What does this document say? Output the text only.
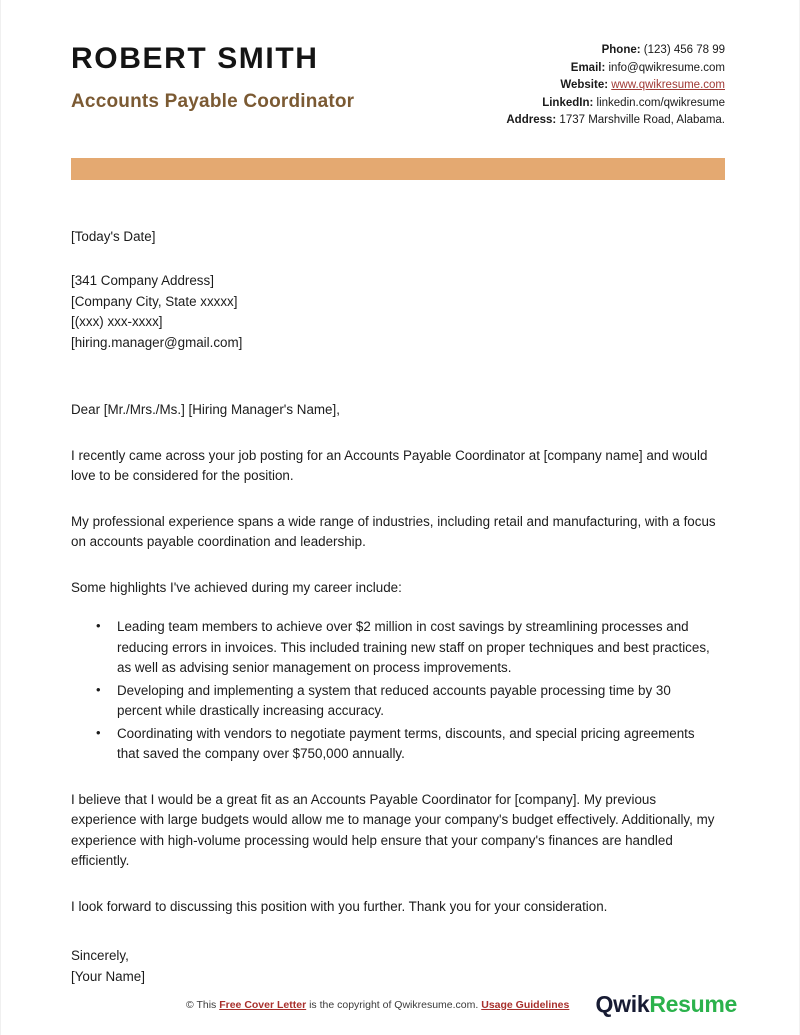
ROBERT SMITH
Accounts Payable Coordinator
Phone: (123) 456 78 99
Email: info@qwikresume.com
Website: www.qwikresume.com
LinkedIn: linkedin.com/qwikresume
Address: 1737 Marshville Road, Alabama.
[Today's Date]
[341 Company Address]
[Company City, State xxxxx]
[(xxx) xxx-xxxx]
[hiring.manager@gmail.com]
Dear [Mr./Mrs./Ms.] [Hiring Manager's Name],

I recently came across your job posting for an Accounts Payable Coordinator at [company name] and would love to be considered for the position.

My professional experience spans a wide range of industries, including retail and manufacturing, with a focus on accounts payable coordination and leadership.

Some highlights I've achieved during my career include:

• Leading team members to achieve over $2 million in cost savings by streamlining processes and reducing errors in invoices. This included training new staff on proper techniques and best practices, as well as advising senior management on process improvements.
• Developing and implementing a system that reduced accounts payable processing time by 30 percent while drastically increasing accuracy.
• Coordinating with vendors to negotiate payment terms, discounts, and special pricing agreements that saved the company over $750,000 annually.

I believe that I would be a great fit as an Accounts Payable Coordinator for [company]. My previous experience with large budgets would allow me to manage your company's budget effectively. Additionally, my experience with high-volume processing would help ensure that your company's finances are handled efficiently.

I look forward to discussing this position with you further. Thank you for your consideration.

Sincerely,
[Your Name]
© This Free Cover Letter is the copyright of Qwikresume.com. Usage Guidelines QwikResume
